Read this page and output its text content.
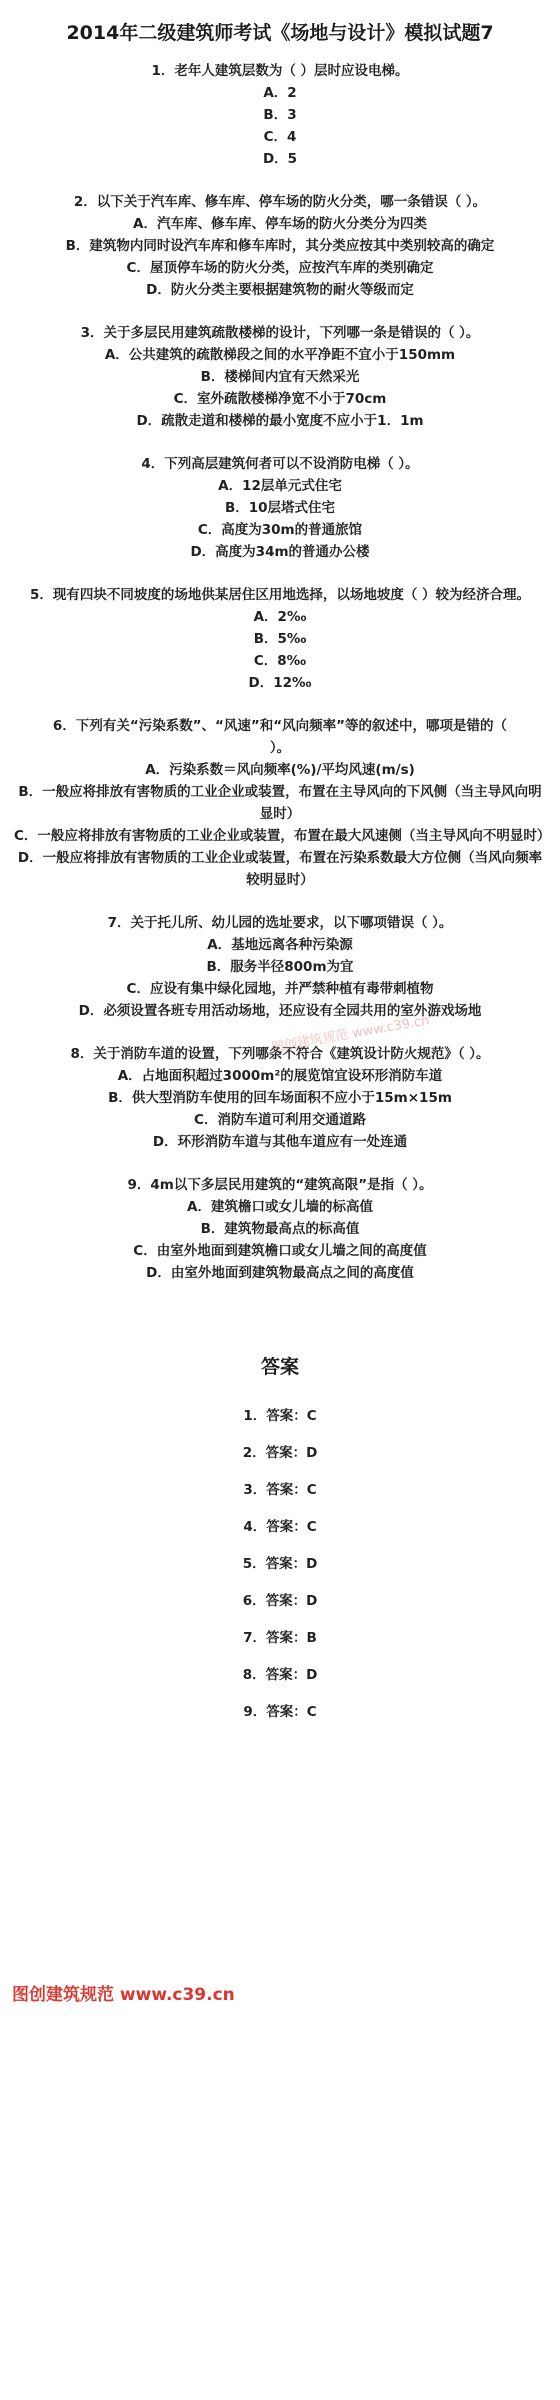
2014年二级建筑师考试《场地与设计》模拟试题7
1．老年人建筑层数为（ ）层时应设电梯。
A．2
B．3
C．4
D．5
2．以下关于汽车库、修车库、停车场的防火分类，哪一条错误（ ）。
A．汽车库、修车库、停车场的防火分类分为四类
B．建筑物内同时设汽车库和修车库时，其分类应按其中类别较高的确定
C．屋顶停车场的防火分类，应按汽车库的类别确定
D．防火分类主要根据建筑物的耐火等级而定
3．关于多层民用建筑疏散楼梯的设计，下列哪一条是错误的（ ）。
A．公共建筑的疏散梯段之间的水平净距不宜小于150mm
B．楼梯间内宜有天然采光
C．室外疏散楼梯净宽不小于70cm
D．疏散走道和楼梯的最小宽度不应小于1．1m
4．下列高层建筑何者可以不设消防电梯（ ）。
A．12层单元式住宅
B．10层塔式住宅
C．高度为30m的普通旅馆
D．高度为34m的普通办公楼
5．现有四块不同坡度的场地供某居住区用地选择，以场地坡度（ ）较为经济合理。
A．2‰
B．5‰
C．8‰
D．12‰
6．下列有关“污染系数”、“风速”和“风向频率”等的叙述中，哪项是错的（
）。
A．污染系数＝风向频率(%)/平均风速(m/s)
B．一般应将排放有害物质的工业企业或装置，布置在主导风向的下风侧（当主导风向明显时）
C．一般应将排放有害物质的工业企业或装置，布置在最大风速侧（当主导风向不明显时）
D．一般应将排放有害物质的工业企业或装置，布置在污染系数最大方位侧（当风向频率较明显时）
7．关于托儿所、幼儿园的选址要求，以下哪项错误（ ）。
A．基地远离各种污染源
B．服务半径800m为宜
C．应设有集中绿化园地，并严禁种植有毒带刺植物
D．必须设置各班专用活动场地，还应设有全园共用的室外游戏场地
8．关于消防车道的设置，下列哪条不符合《建筑设计防火规范》（ ）。
A．占地面积超过3000m²的展览馆宜设环形消防车道
B．供大型消防车使用的回车场面积不应小于15m×15m
C．消防车道可利用交通道路
D．环形消防车道与其他车道应有一处连通
9．4m以下多层民用建筑的“建筑高限”是指（ ）。
A．建筑檐口或女儿墙的标高值
B．建筑物最高点的标高值
C．由室外地面到建筑檐口或女儿墙之间的高度值
D．由室外地面到建筑物最高点之间的高度值
图创建筑规范 www.c39.cn
答案
1．答案：C
2．答案：D
3．答案：C
4．答案：C
5．答案：D
6．答案：D
7．答案：B
8．答案：D
9．答案：C
图创建筑规范 www.c39.cn
